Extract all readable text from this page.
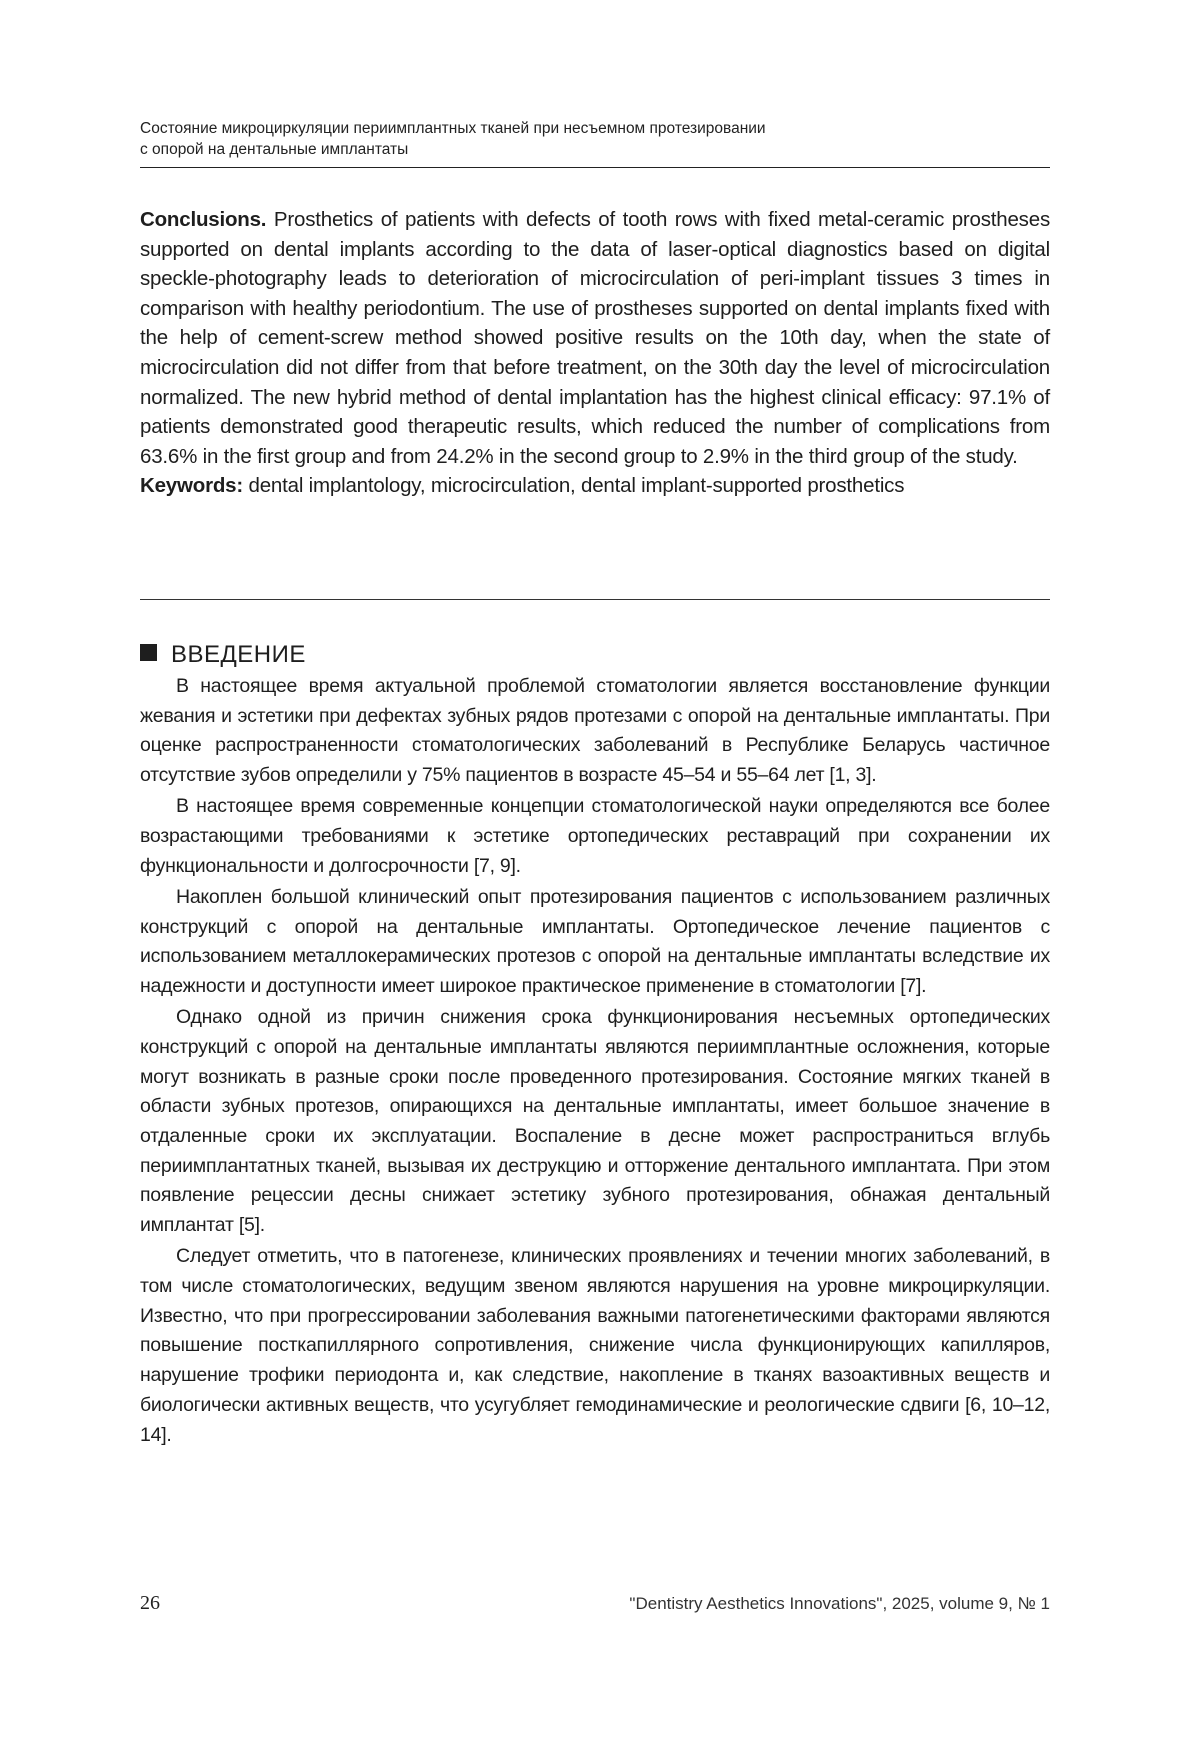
Состояние микроциркуляции периимплантных тканей при несъемном протезировании
с опорой на дентальные имплантаты

Conclusions. Prosthetics of patients with defects of tooth rows with fixed metal-ceramic prostheses supported on dental implants according to the data of laser-optical diagnostics based on digital speckle-photography leads to deterioration of microcirculation of peri-implant tissues 3 times in comparison with healthy periodontium. The use of prostheses supported on dental implants fixed with the help of cement-screw method showed positive results on the 10th day, when the state of microcirculation did not differ from that before treatment, on the 30th day the level of microcirculation normalized. The new hybrid method of dental implantation has the highest clinical efficacy: 97.1% of patients demonstrated good therapeutic results, which reduced the number of complications from 63.6% in the first group and from 24.2% in the second group to 2.9% in the third group of the study.

Keywords: dental implantology, microcirculation, dental implant-supported prosthetics

ВВЕДЕНИЕ

В настоящее время актуальной проблемой стоматологии является восстановление функции жевания и эстетики при дефектах зубных рядов протезами с опорой на дентальные имплантаты. При оценке распространенности стоматологических заболеваний в Республике Беларусь частичное отсутствие зубов определили у 75% пациентов в возрасте 45–54 и 55–64 лет [1, 3].

В настоящее время современные концепции стоматологической науки определяются все более возрастающими требованиями к эстетике ортопедических реставраций при сохранении их функциональности и долгосрочности [7, 9].

Накоплен большой клинический опыт протезирования пациентов с использованием различных конструкций с опорой на дентальные имплантаты. Ортопедическое лечение пациентов с использованием металлокерамических протезов с опорой на дентальные имплантаты вследствие их надежности и доступности имеет широкое практическое применение в стоматологии [7].

Однако одной из причин снижения срока функционирования несъемных ортопедических конструкций с опорой на дентальные имплантаты являются периимплантные осложнения, которые могут возникать в разные сроки после проведенного протезирования. Состояние мягких тканей в области зубных протезов, опирающихся на дентальные имплантаты, имеет большое значение в отдаленные сроки их эксплуатации. Воспаление в десне может распространиться вглубь периимплантатных тканей, вызывая их деструкцию и отторжение дентального имплантата. При этом появление рецессии десны снижает эстетику зубного протезирования, обнажая дентальный имплантат [5].

Следует отметить, что в патогенезе, клинических проявлениях и течении многих заболеваний, в том числе стоматологических, ведущим звеном являются нарушения на уровне микроциркуляции. Известно, что при прогрессировании заболевания важными патогенетическими факторами являются повышение посткапиллярного сопротивления, снижение числа функционирующих капилляров, нарушение трофики периодонта и, как следствие, накопление в тканях вазоактивных веществ и биологически активных веществ, что усугубляет гемодинамические и реологические сдвиги [6, 10–12, 14].

26	"Dentistry Aesthetics Innovations", 2025, volume 9, № 1
